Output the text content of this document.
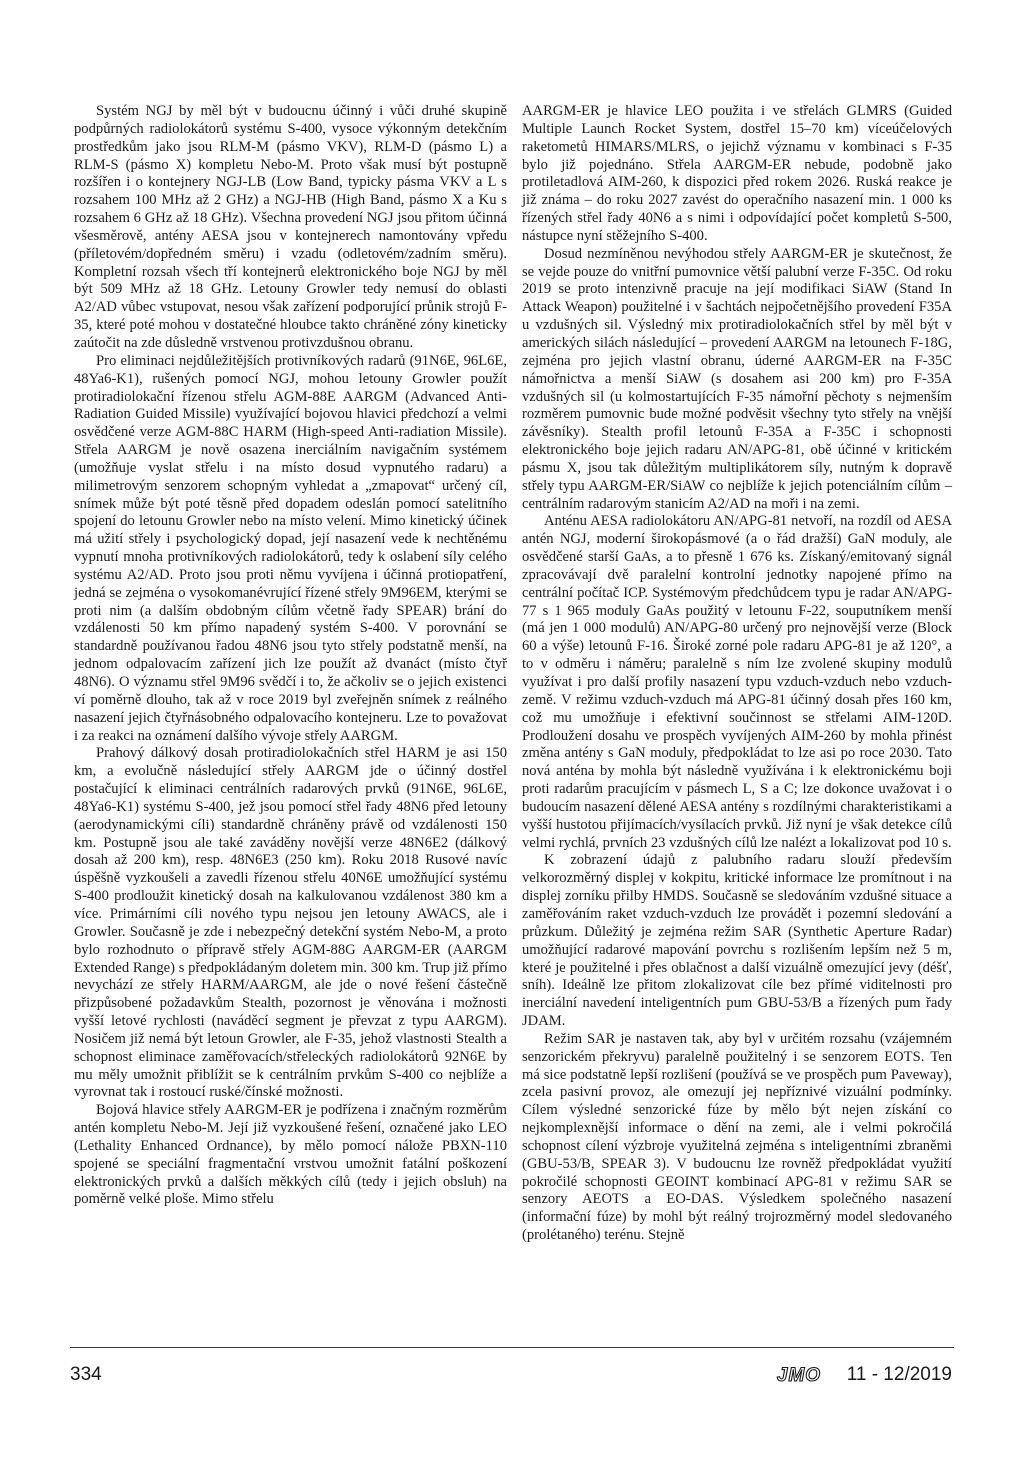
Systém NGJ by měl být v budoucnu účinný i vůči druhé skupině podpůrných radiolokátorů systému S-400, vysoce výkonným detekčním prostředkům jako jsou RLM-M (pásmo VKV), RLM-D (pásmo L) a RLM-S (pásmo X) kompletu Nebo-M. Proto však musí být postupně rozšířen i o kontejnery NGJ-LB (Low Band, typicky pásma VKV a L s rozsahem 100 MHz až 2 GHz) a NGJ-HB (High Band, pásmo X a Ku s rozsahem 6 GHz až 18 GHz). Všechna provedení NGJ jsou přitom účinná všesměrově, antény AESA jsou v kontejnerech namontovány vpředu (příletovém/dopředném směru) i vzadu (odletovém/zadním směru). Kompletní rozsah všech tří kontejnerů elektronického boje NGJ by měl být 509 MHz až 18 GHz. Letouny Growler tedy nemusí do oblasti A2/AD vůbec vstupovat, nesou však zařízení podporující průnik strojů F-35, které poté mohou v dostatečné hloubce takto chráněné zóny kineticky zaútočit na zde důsledně vrstvenou protivzdušnou obranu.

Pro eliminaci nejdůležitějších protivníkových radarů (91N6E, 96L6E, 48Ya6-K1), rušených pomocí NGJ, mohou letouny Growler použít protiradiolokační řízenou střelu AGM-88E AARGM (Advanced Anti-Radiation Guided Missile) využívající bojovou hlavici předchozí a velmi osvědčené verze AGM-88C HARM (High-speed Anti-radiation Missile). Střela AARGM je nově osazena inerciálním navigačním systémem (umožňuje vyslat střelu i na místo dosud vypnutého radaru) a milimetrovým senzorem schopným vyhledat a „zmapovat“ určený cíl, snímek může být poté těsně před dopadem odeslán pomocí satelitního spojení do letounu Growler nebo na místo velení. Mimo kinetický účinek má užití střely i psychologický dopad, její nasazení vede k nechtěnému vypnutí mnoha protivníkových radiolokátorů, tedy k oslabení síly celého systému A2/AD. Proto jsou proti němu vyvíjena i účinná protiopatření, jedná se zejména o vysokomanévrující řízené střely 9M96EM, kterými se proti nim (a dalším obdobným cílům včetně řady SPEAR) brání do vzdálenosti 50 km přímo napadený systém S-400. V porovnání se standardně používanou řadou 48N6 jsou tyto střely podstatně menší, na jednom odpalovacím zařízení jich lze použít až dvanáct (místo čtyř 48N6). O významu střel 9M96 svědčí i to, že ačkoliv se o jejich existenci ví poměrně dlouho, tak až v roce 2019 byl zveřejněn snímek z reálného nasazení jejich čtyřnásobného odpalovacího kontejneru. Lze to považovat i za reakci na oznámení dalšího vývoje střely AARGM.

Prahový dálkový dosah protiradiolokačních střel HARM je asi 150 km, a evolučně následující střely AARGM jde o účinný dostřel postačující k eliminaci centrálních radarových prvků (91N6E, 96L6E, 48Ya6-K1) systému S-400, jež jsou pomocí střel řady 48N6 před letouny (aerodynamickými cíli) standardně chráněny právě od vzdálenosti 150 km. Postupně jsou ale také zaváděny novější verze 48N6E2 (dálkový dosah až 200 km), resp. 48N6E3 (250 km). Roku 2018 Rusové navíc úspěšně vyzkoušeli a zavedli řízenou střelu 40N6E umožňující systému S-400 prodloužit kinetický dosah na kalkulovanou vzdálenost 380 km a více. Primárními cíli nového typu nejsou jen letouny AWACS, ale i Growler. Současně je zde i nebezpečný detekční systém Nebo-M, a proto bylo rozhodnuto o přípravě střely AGM-88G AARGM-ER (AARGM Extended Range) s předpokládaným doletem min. 300 km. Trup již přímo nevychází ze střely HARM/AARGM, ale jde o nové řešení částečně přizpůsobené požadavkům Stealth, pozornost je věnována i možnosti vyšší letové rychlosti (naváděcí segment je převzat z typu AARGM). Nosičem již nemá být letoun Growler, ale F-35, jehož vlastnosti Stealth a schopnost eliminace zaměřovacích/střeleckých radiolokátorů 92N6E by mu měly umožnit přiblížit se k centrálním prvkům S-400 co nejblíže a vyrovnat tak i rostoucí ruské/čínské možnosti.

Bojová hlavice střely AARGM-ER je podřízena i značným rozměrům antén kompletu Nebo-M. Její již vyzkoušené řešení, označené jako LEO (Lethality Enhanced Ordnance), by mělo pomocí nálože PBXN-110 spojené se speciální fragmentační vrstvou umožnit fatální poškození elektronických prvků a dalších měkkých cílů (tedy i jejich obsluh) na poměrně velké ploše. Mimo střelu

AARGM-ER je hlavice LEO použita i ve střelách GLMRS (Guided Multiple Launch Rocket System, dostřel 15–70 km) víceúčelových raketometů HIMARS/MLRS, o jejichž významu v kombinaci s F-35 bylo již pojednáno. Střela AARGM-ER nebude, podobně jako protiletadlová AIM-260, k dispozici před rokem 2026. Ruská reakce je již známa – do roku 2027 zavést do operačního nasazení min. 1 000 ks řízených střel řady 40N6 a s nimi i odpovídající počet kompletů S-500, nástupce nyní stěžejního S-400.

Dosud nezmíněnou nevýhodou střely AARGM-ER je skutečnost, že se vejde pouze do vnitřní pumovnice větší palubní verze F-35C. Od roku 2019 se proto intenzivně pracuje na její modifikaci SiAW (Stand In Attack Weapon) použitelné i v šachtách nejpočetnějšího provedení F35A u vzdušných sil. Výsledný mix protiradiolokačních střel by měl být v amerických silách následující – provedení AARGM na letounech F-18G, zejména pro jejich vlastní obranu, úderné AARGM-ER na F-35C námořnictva a menší SiAW (s dosahem asi 200 km) pro F-35A vzdušných sil (u kolmostartujících F-35 námořní pěchoty s nejmenším rozměrem pumovnic bude možné podvěsit všechny tyto střely na vnější závěsníky). Stealth profil letounů F-35A a F-35C i schopnosti elektronického boje jejich radaru AN/APG-81, obě účinné v kritickém pásmu X, jsou tak důležitým multiplikátorem síly, nutným k dopravě střely typu AARGM-ER/SiAW co nejblíže k jejich potenciálním cílům – centrálním radarovým stanicím A2/AD na moři i na zemi.

Anténu AESA radiolokátoru AN/APG-81 netvoří, na rozdíl od AESA antén NGJ, moderní širokopásmové (a o řád dražší) GaN moduly, ale osvědčené starší GaAs, a to přesně 1 676 ks. Získaný/emitovaný signál zpracovávají dvě paralelní kontrolní jednotky napojené přímo na centrální počítač ICP. Systémovým předchůdcem typu je radar AN/APG-77 s 1 965 moduly GaAs použitý v letounu F-22, souputníkem menší (má jen 1 000 modulů) AN/APG-80 určený pro nejnovější verze (Block 60 a výše) letounů F-16. Široké zorné pole radaru APG-81 je až 120°, a to v odměru i náměru; paralelně s ním lze zvolené skupiny modulů využívat i pro další profily nasazení typu vzduch-vzduch nebo vzduch-země. V režimu vzduch-vzduch má APG-81 účinný dosah přes 160 km, což mu umožňuje i efektivní součinnost se střelami AIM-120D. Prodloužení dosahu ve prospěch vyvíjených AIM-260 by mohla přinést změna antény s GaN moduly, předpokládat to lze asi po roce 2030. Tato nová anténa by mohla být následně využívána i k elektronickému boji proti radarům pracujícím v pásmech L, S a C; lze dokonce uvažovat i o budoucím nasazení dělené AESA antény s rozdílnými charakteristikami a vyšší hustotou přijímacích/vysílacích prvků. Již nyní je však detekce cílů velmi rychlá, prvních 23 vzdušných cílů lze nalézt a lokalizovat pod 10 s.

K zobrazení údajů z palubního radaru slouží především velkorozměrný displej v kokpitu, kritické informace lze promítnout i na displej zorníku přilby HMDS. Současně se sledováním vzdušné situace a zaměřováním raket vzduch-vzduch lze provádět i pozemní sledování a průzkum. Důležitý je zejména režim SAR (Synthetic Aperture Radar) umožňující radarové mapování povrchu s rozlišením lepším než 5 m, které je použitelné i přes oblačnost a další vizuálně omezující jevy (déšť, sníh). Ideálně lze přitom zlokalizovat cíle bez přímé viditelnosti pro inerciální navedení inteligentních pum GBU-53/B a řízených pum řady JDAM.

Režim SAR je nastaven tak, aby byl v určitém rozsahu (vzájemném senzorickém překryvu) paralelně použitelný i se senzorem EOTS. Ten má sice podstatně lepší rozlišení (používá se ve prospěch pum Paveway), zcela pasivní provoz, ale omezují jej nepříznivé vizuální podmínky. Cílem výsledné senzorické fúze by mělo být nejen získání co nejkomplexnější informace o dění na zemi, ale i velmi pokročilá schopnost cílení výzbroje využitelná zejména s inteligentními zbraněmi (GBU-53/B, SPEAR 3). V budoucnu lze rovněž předpokládat využití pokročilé schopnosti GEOINT kombinací APG-81 v režimu SAR se senzory AEOTS a EO-DAS. Výsledkem společného nasazení (informační fúze) by mohl být reálný trojrozměrný model sledovaného (prolétaného) terénu. Stejně

334	JMO 11 - 12/2019
